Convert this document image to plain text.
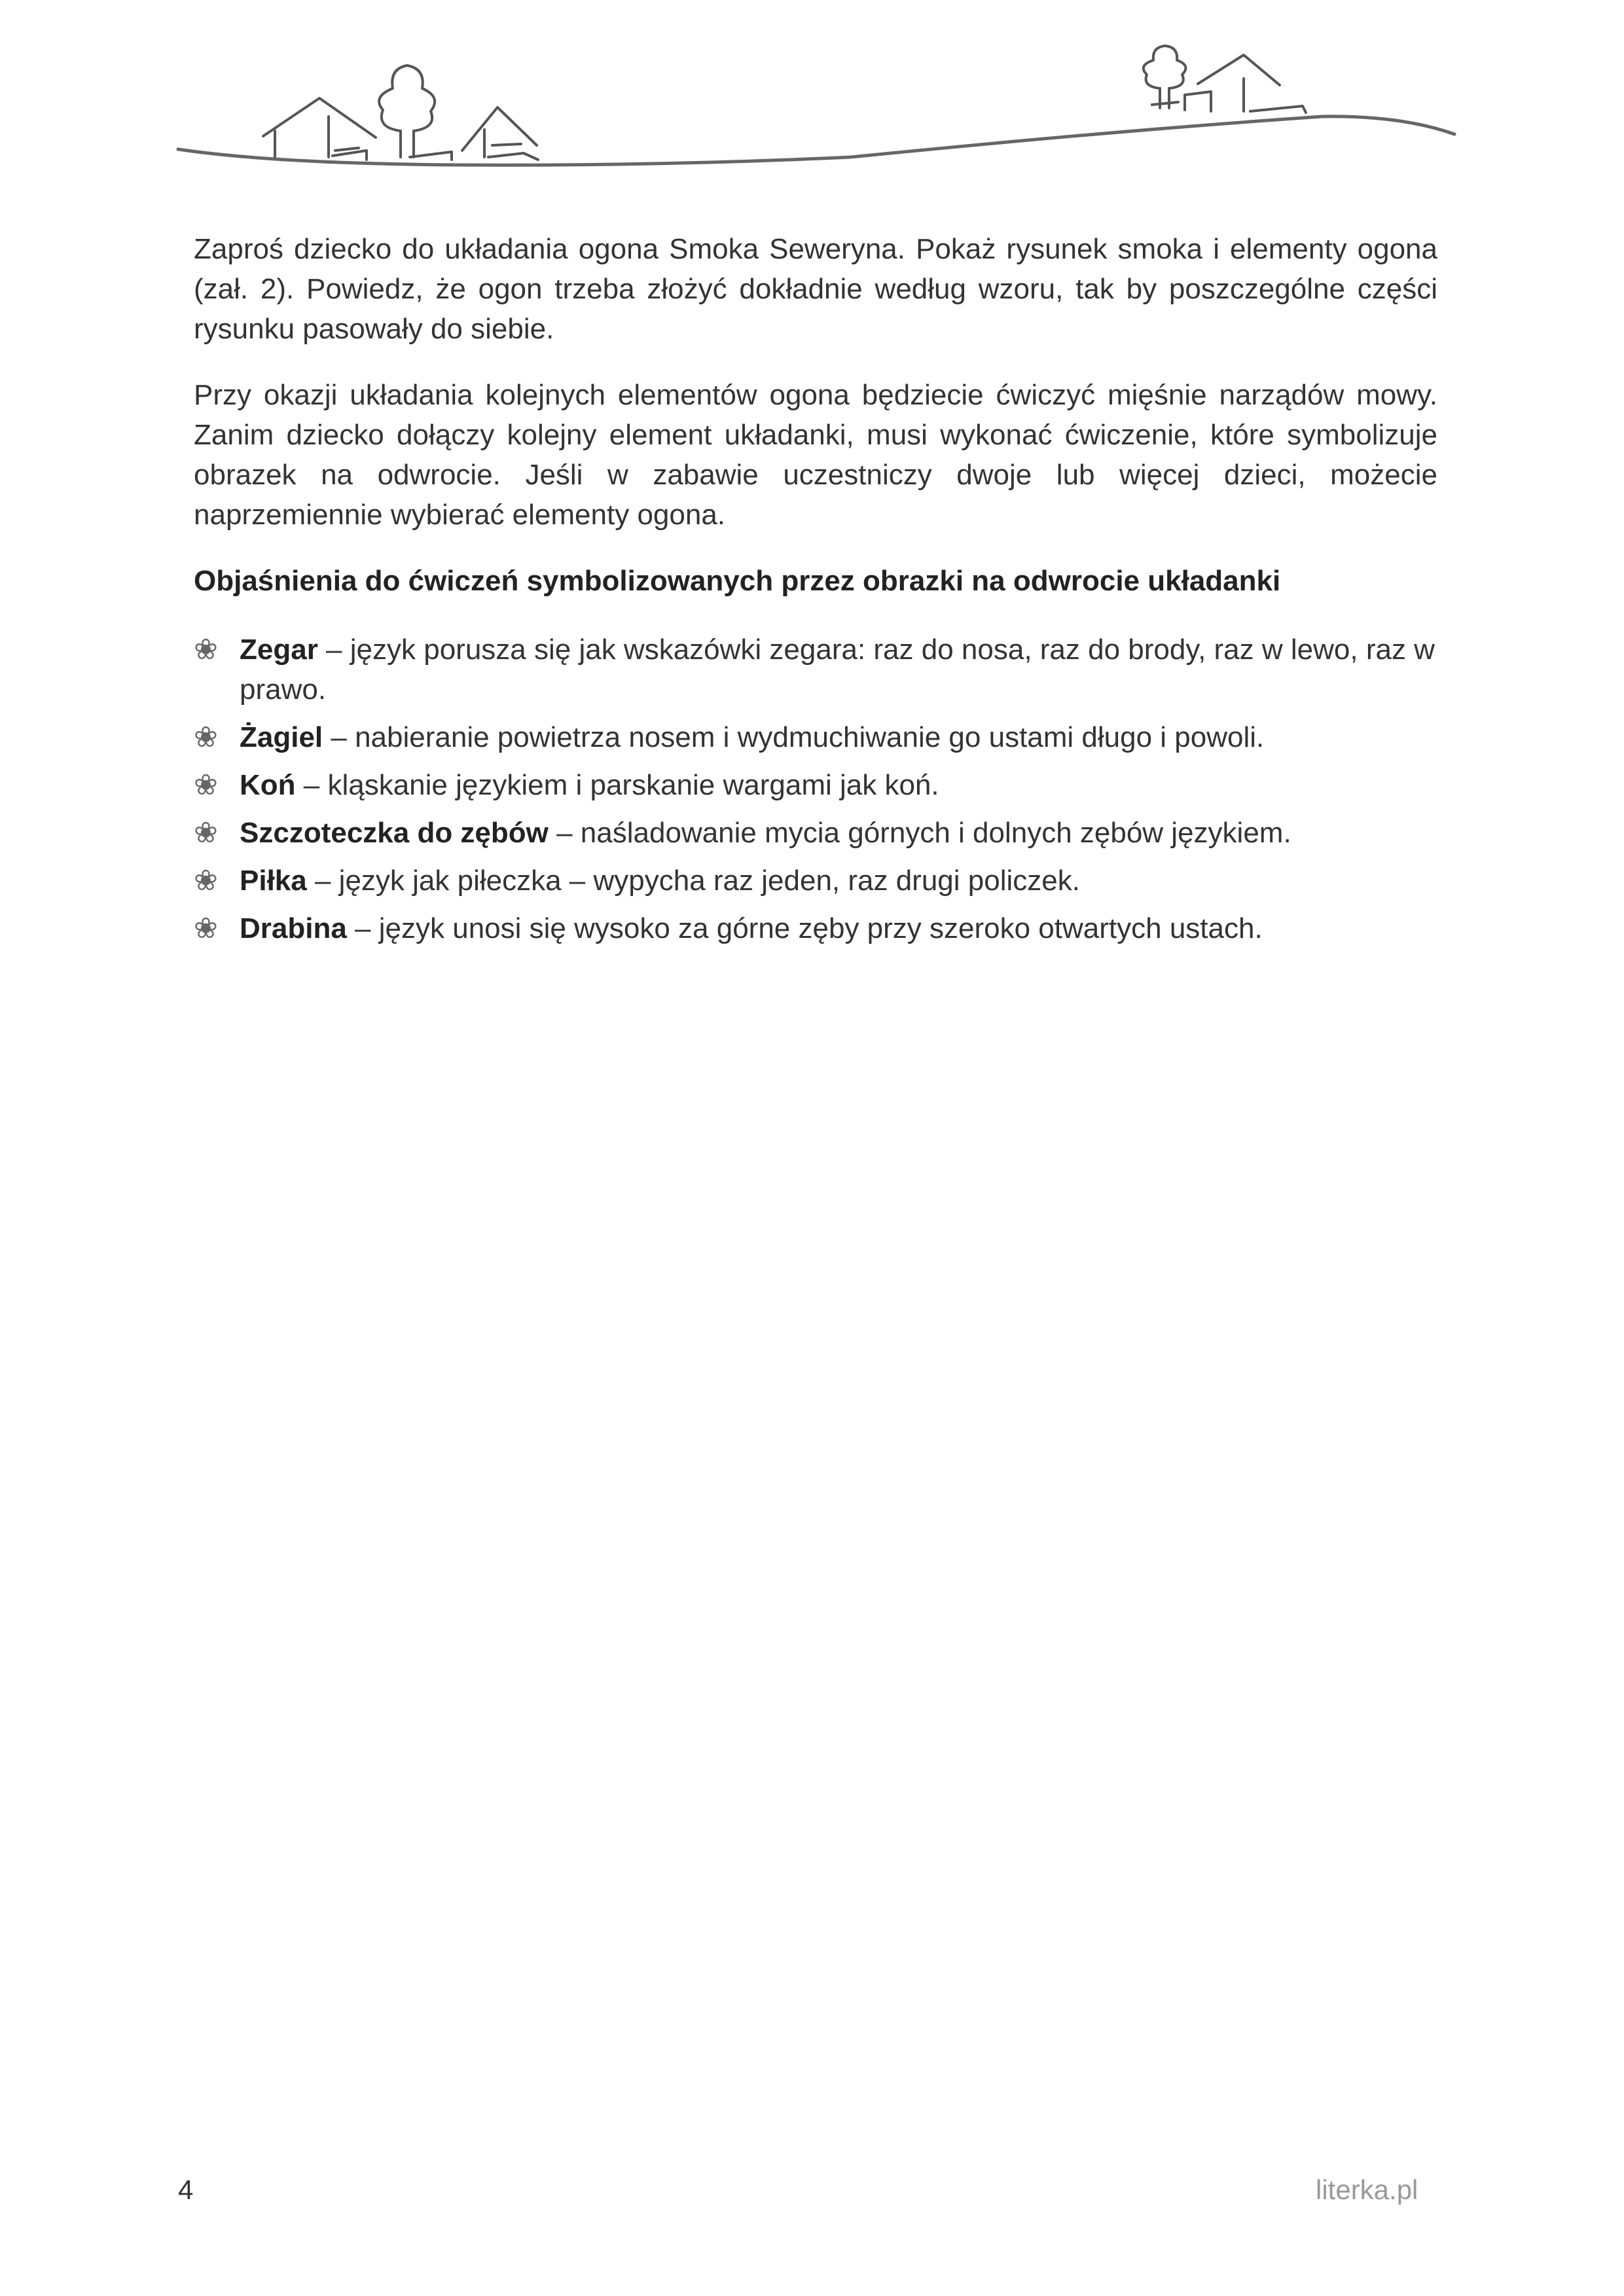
Zaproś dziecko do układania ogona Smoka Seweryna. Pokaż rysunek smoka i elementy ogona (zał. 2). Powiedz, że ogon trzeba złożyć dokładnie według wzoru, tak by poszczególne części rysunku pasowały do siebie.

Przy okazji układania kolejnych elementów ogona będziecie ćwiczyć mięśnie narządów mowy. Zanim dziecko dołączy kolejny element układanki, musi wykonać ćwiczenie, które symbolizuje obrazek na odwrocie. Jeśli w zabawie uczestniczy dwoje lub więcej dzieci, możecie naprzemiennie wybierać elementy ogona.

Objaśnienia do ćwiczeń symbolizowanych przez obrazki na odwrocie układanki
❀ Zegar – język porusza się jak wskazówki zegara: raz do nosa, raz do brody, raz w lewo, raz w prawo.
❀ Żagiel – nabieranie powietrza nosem i wydmuchiwanie go ustami długo i powoli.
❀ Koń – kląskanie językiem i parskanie wargami jak koń.
❀ Szczoteczka do zębów – naśladowanie mycia górnych i dolnych zębów językiem.
❀ Piłka – język jak piłeczka – wypycha raz jeden, raz drugi policzek.
❀ Drabina – język unosi się wysoko za górne zęby przy szeroko otwartych ustach.
4	literka.pl
